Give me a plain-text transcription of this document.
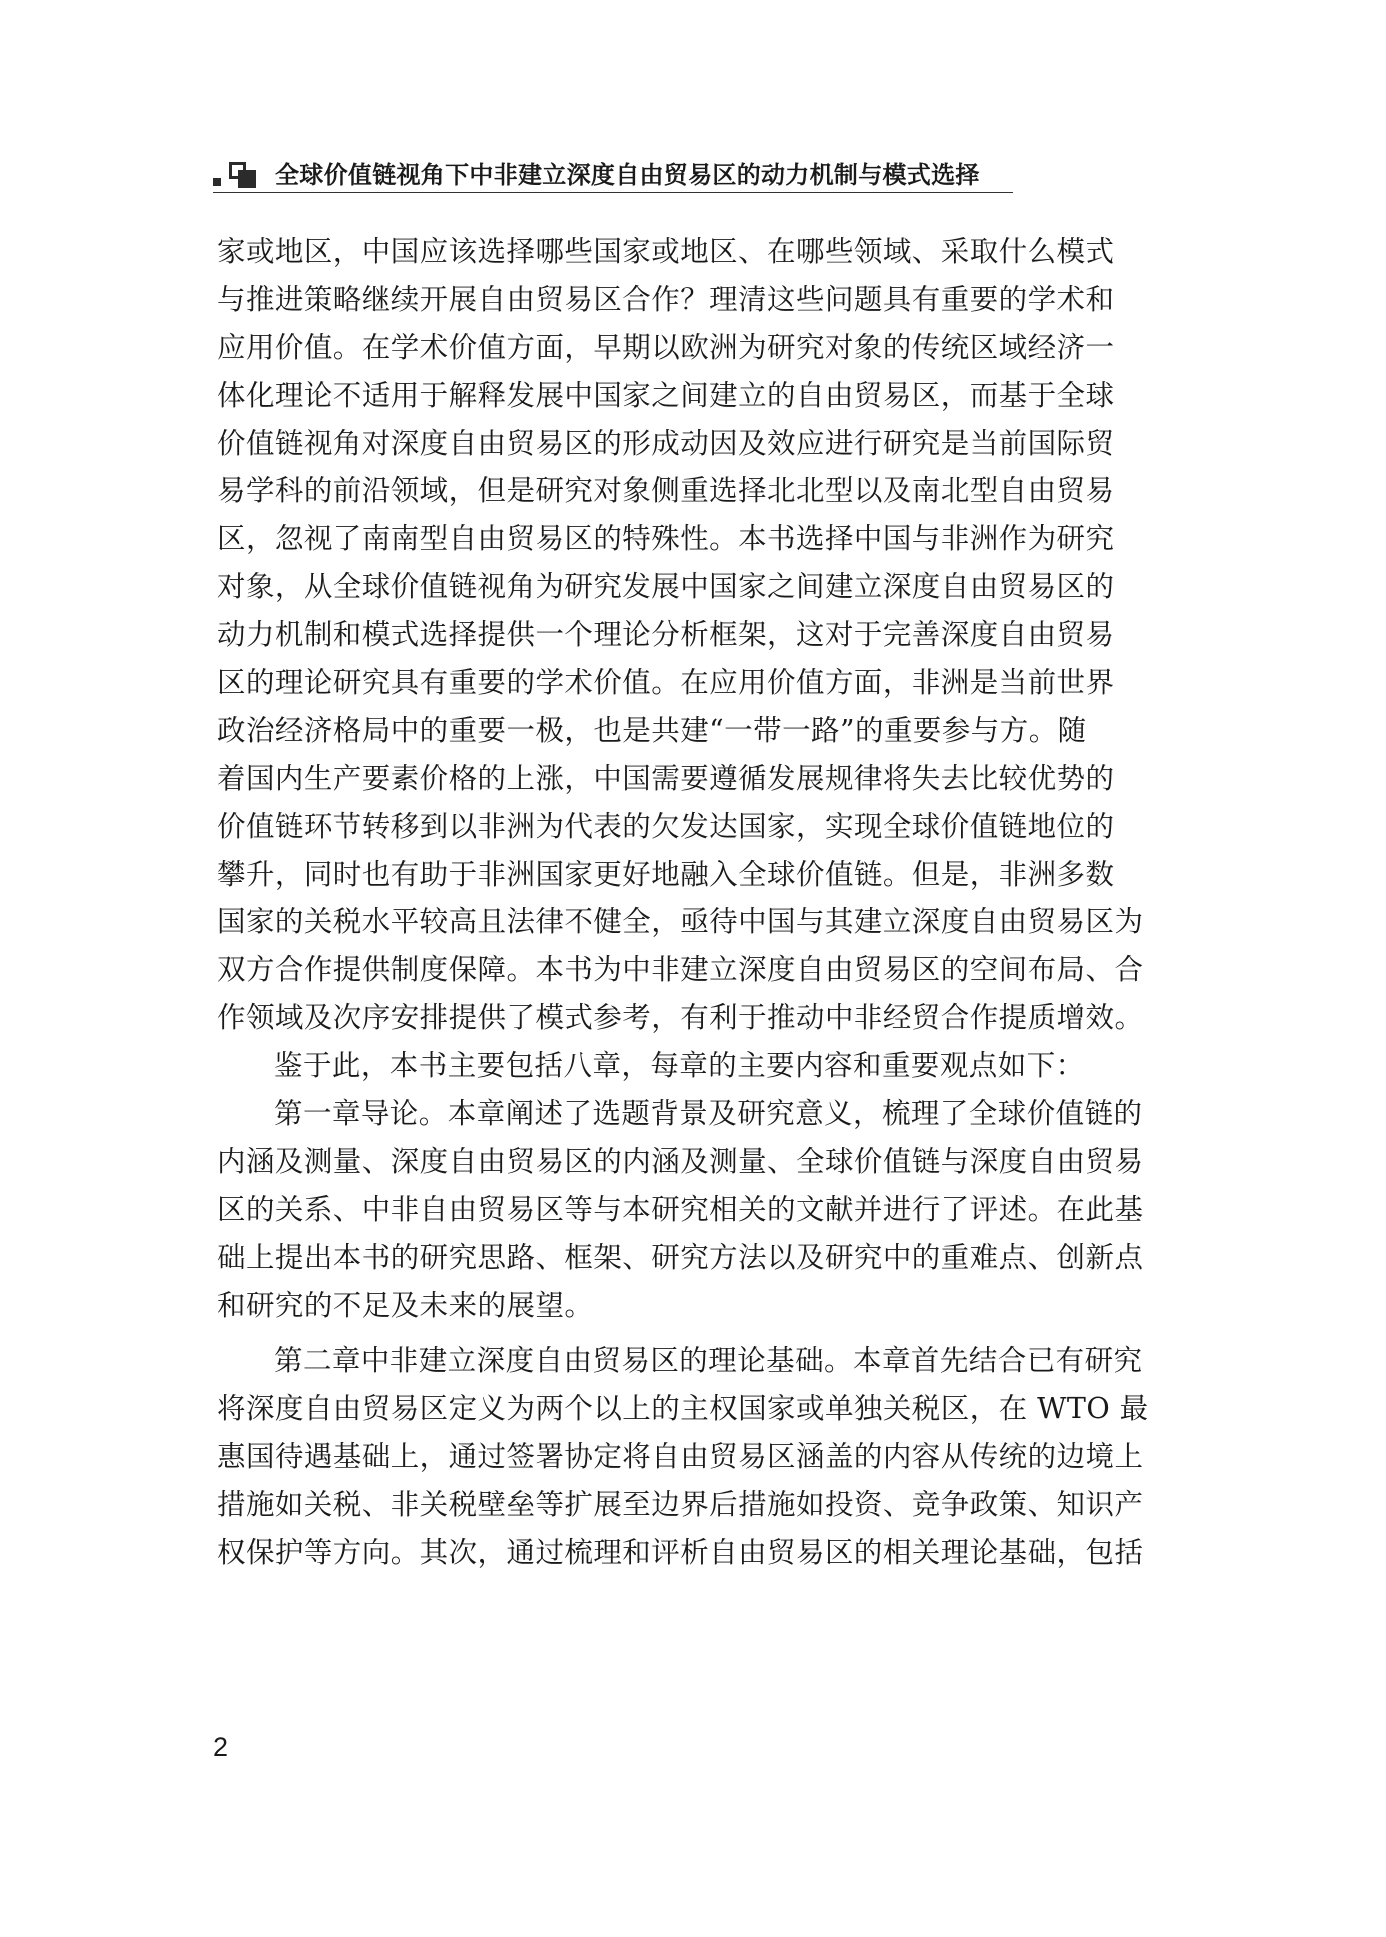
全球价值链视角下中非建立深度自由贸易区的动力机制与模式选择
家或地区，中国应该选择哪些国家或地区、在哪些领域、采取什么模式
与推进策略继续开展自由贸易区合作？理清这些问题具有重要的学术和
应用价值。在学术价值方面，早期以欧洲为研究对象的传统区域经济一
体化理论不适用于解释发展中国家之间建立的自由贸易区，而基于全球
价值链视角对深度自由贸易区的形成动因及效应进行研究是当前国际贸
易学科的前沿领域，但是研究对象侧重选择北北型以及南北型自由贸易
区，忽视了南南型自由贸易区的特殊性。本书选择中国与非洲作为研究
对象，从全球价值链视角为研究发展中国家之间建立深度自由贸易区的
动力机制和模式选择提供一个理论分析框架，这对于完善深度自由贸易
区的理论研究具有重要的学术价值。在应用价值方面，非洲是当前世界
政治经济格局中的重要一极，也是共建“一带一路”的重要参与方。随
着国内生产要素价格的上涨，中国需要遵循发展规律将失去比较优势的
价值链环节转移到以非洲为代表的欠发达国家，实现全球价值链地位的
攀升，同时也有助于非洲国家更好地融入全球价值链。但是，非洲多数
国家的关税水平较高且法律不健全，亟待中国与其建立深度自由贸易区为
双方合作提供制度保障。本书为中非建立深度自由贸易区的空间布局、合
作领域及次序安排提供了模式参考，有利于推动中非经贸合作提质增效。
鉴于此，本书主要包括八章，每章的主要内容和重要观点如下：
第一章导论。本章阐述了选题背景及研究意义，梳理了全球价值链的
内涵及测量、深度自由贸易区的内涵及测量、全球价值链与深度自由贸易
区的关系、中非自由贸易区等与本研究相关的文献并进行了评述。在此基
础上提出本书的研究思路、框架、研究方法以及研究中的重难点、创新点
和研究的不足及未来的展望。
第二章中非建立深度自由贸易区的理论基础。本章首先结合已有研究
将深度自由贸易区定义为两个以上的主权国家或单独关税区，在 WTO 最
惠国待遇基础上，通过签署协定将自由贸易区涵盖的内容从传统的边境上
措施如关税、非关税壁垒等扩展至边界后措施如投资、竞争政策、知识产
权保护等方向。其次，通过梳理和评析自由贸易区的相关理论基础，包括
2
